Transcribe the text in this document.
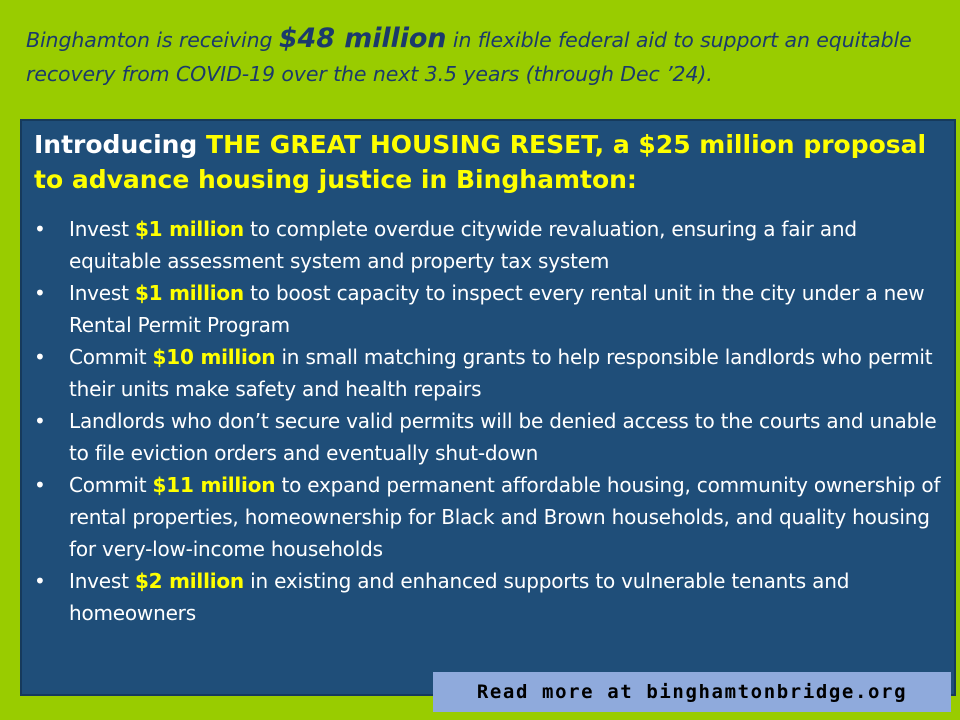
Binghamton is receiving $48 million in flexible federal aid to support an equitable recovery from COVID-19 over the next 3.5 years (through Dec ’24).

Introducing THE GREAT HOUSING RESET, a $25 million proposal to advance housing justice in Binghamton:
•	Invest $1 million to complete overdue citywide revaluation, ensuring a fair and equitable assessment system and property tax system
•	Invest $1 million to boost capacity to inspect every rental unit in the city under a new Rental Permit Program
•	Commit $10 million in small matching grants to help responsible landlords who permit their units make safety and health repairs
•	Landlords who don’t secure valid permits will be denied access to the courts and unable to file eviction orders and eventually shut-down
•	Commit $11 million to expand permanent affordable housing, community ownership of rental properties, homeownership for Black and Brown households, and quality housing for very-low-income households
•	Invest $2 million in existing and enhanced supports to vulnerable tenants and homeowners
Read more at binghamtonbridge.org
